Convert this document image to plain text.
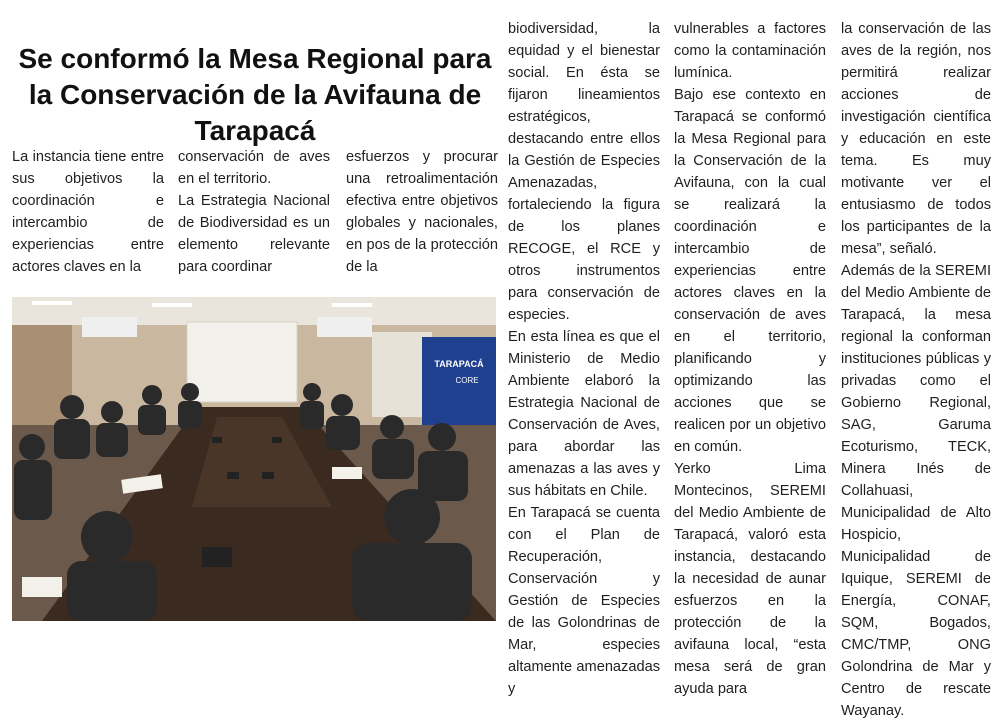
Se conformó la Mesa Regional para la Conservación de la Avifauna de Tarapacá

La instancia tiene entre sus objetivos la coordinación e intercambio de experiencias entre actores claves en la

conservación de aves en el territorio.

La Estrategia Nacional de Biodiversidad es un elemento relevante para coordinar

esfuerzos y procurar una retroalimentación efectiva entre objetivos globales y nacionales, en pos de la protección de la

biodiversidad, la equidad y el bienestar social. En ésta se fijaron lineamientos estratégicos, destacando entre ellos la Gestión de Especies Amenazadas, fortaleciendo la figura de los planes RECOGE, el RCE y otros instrumentos para conservación de especies.

En esta línea es que el Ministerio de Medio Ambiente elaboró la Estrategia Nacional de Conservación de Aves, para abordar las amenazas a las aves y sus hábitats en Chile.

En Tarapacá se cuenta con el Plan de Recuperación, Conservación y Gestión de Especies de las Golondrinas de Mar, especies altamente amenazadas y

vulnerables a factores como la contaminación lumínica.

Bajo ese contexto en Tarapacá se conformó la Mesa Regional para la Conservación de la Avifauna, con la cual se realizará la coordinación e intercambio de experiencias entre actores claves en la conservación de aves en el territorio, planificando y optimizando las acciones que se realicen por un objetivo en común.

Yerko Lima Montecinos, SEREMI del Medio Ambiente de Tarapacá, valoró esta instancia, destacando la necesidad de aunar esfuerzos en la protección de la avifauna local, “esta mesa será de gran ayuda para

la conservación de las aves de la región, nos permitirá realizar acciones de investigación científica y educación en este tema. Es muy motivante ver el entusiasmo de todos los participantes de la mesa”, señaló.

Además de la SEREMI del Medio Ambiente de Tarapacá, la mesa regional la conforman instituciones públicas y privadas como el Gobierno Regional, SAG, Garuma Ecoturismo, TECK, Minera Inés de Collahuasi, Municipalidad de Alto Hospicio, Municipalidad de Iquique, SEREMI de Energía, CONAF, SQM, Bogados, CMC/TMP, ONG Golondrina de Mar y Centro de rescate Wayanay.

TARAPACÁ
CORE
